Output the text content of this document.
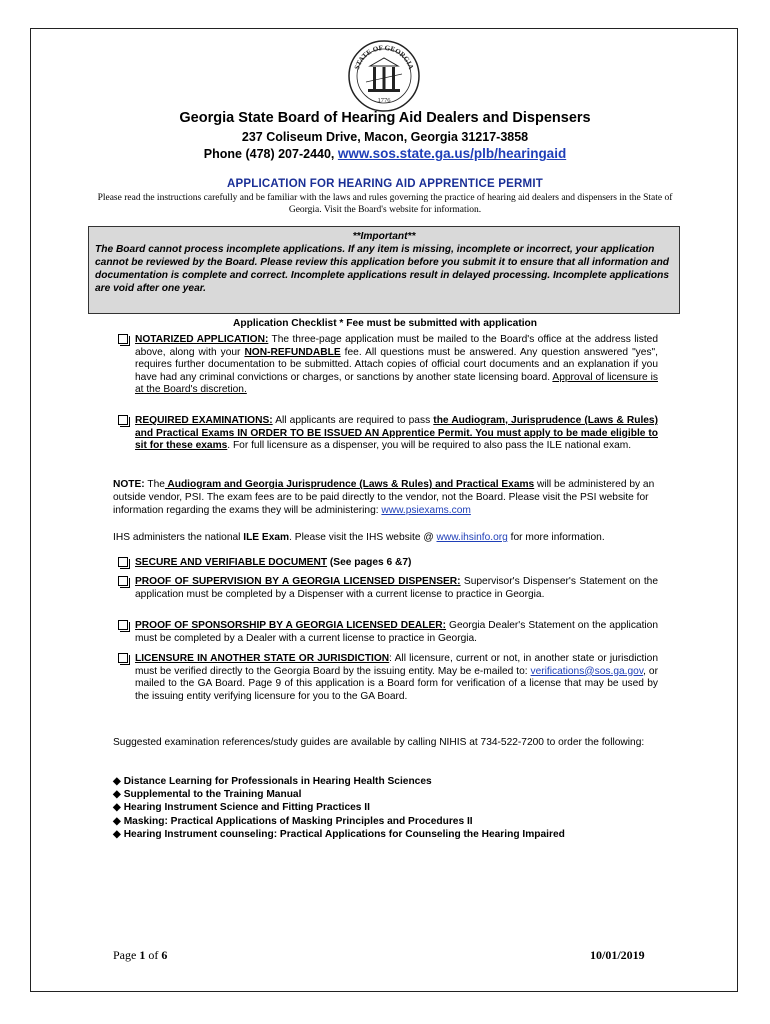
STATE OF GEORGIA
1776
Georgia State Board of Hearing Aid Dealers and Dispensers
237 Coliseum Drive, Macon, Georgia 31217-3858
Phone (478) 207-2440, www.sos.state.ga.us/plb/hearingaid
APPLICATION FOR HEARING AID APPRENTICE PERMIT
Please read the instructions carefully and be familiar with the laws and rules governing the practice of hearing aid dealers and dispensers in the State of Georgia. Visit the Board's website for information.
**Important**
The Board cannot process incomplete applications. If any item is missing, incomplete or incorrect, your application cannot be reviewed by the Board. Please review this application before you submit it to ensure that all information and documentation is complete and correct. Incomplete applications result in delayed processing. Incomplete applications are void after one year.
Application Checklist * Fee must be submitted with application
NOTARIZED APPLICATION: The three-page application must be mailed to the Board's office at the address listed above, along with your NON-REFUNDABLE fee. All questions must be answered. Any question answered "yes", requires further documentation to be submitted. Attach copies of official court documents and an explanation if you have had any criminal convictions or charges, or sanctions by another state licensing board. Approval of licensure is at the Board's discretion.
REQUIRED EXAMINATIONS: All applicants are required to pass the Audiogram, Jurisprudence (Laws & Rules) and Practical Exams IN ORDER TO BE ISSUED AN Apprentice Permit. You must apply to be made eligible to sit for these exams. For full licensure as a dispenser, you will be required to also pass the ILE national exam.
NOTE: The Audiogram and Georgia Jurisprudence (Laws & Rules) and Practical Exams will be administered by an outside vendor, PSI. The exam fees are to be paid directly to the vendor, not the Board. Please visit the PSI website for information regarding the exams they will be administering: www.psiexams.com
IHS administers the national ILE Exam. Please visit the IHS website @ www.ihsinfo.org for more information.
SECURE AND VERIFIABLE DOCUMENT (See pages 6 &7)
PROOF OF SUPERVISION BY A GEORGIA LICENSED DISPENSER: Supervisor's Dispenser's Statement on the application must be completed by a Dispenser with a current license to practice in Georgia.
PROOF OF SPONSORSHIP BY A GEORGIA LICENSED DEALER: Georgia Dealer's Statement on the application must be completed by a Dealer with a current license to practice in Georgia.
LICENSURE IN ANOTHER STATE OR JURISDICTION: All licensure, current or not, in another state or jurisdiction must be verified directly to the Georgia Board by the issuing entity. May be e-mailed to: verifications@sos.ga.gov, or mailed to the GA Board. Page 9 of this application is a Board form for verification of a license that may be used by the issuing entity verifying licensure for you to the GA Board.
Suggested examination references/study guides are available by calling NIHIS at 734-522-7200 to order the following:
◆ Distance Learning for Professionals in Hearing Health Sciences
◆ Supplemental to the Training Manual
◆ Hearing Instrument Science and Fitting Practices II
◆ Masking: Practical Applications of Masking Principles and Procedures II
◆ Hearing Instrument counseling: Practical Applications for Counseling the Hearing Impaired
Page 1 of 6	10/01/2019
